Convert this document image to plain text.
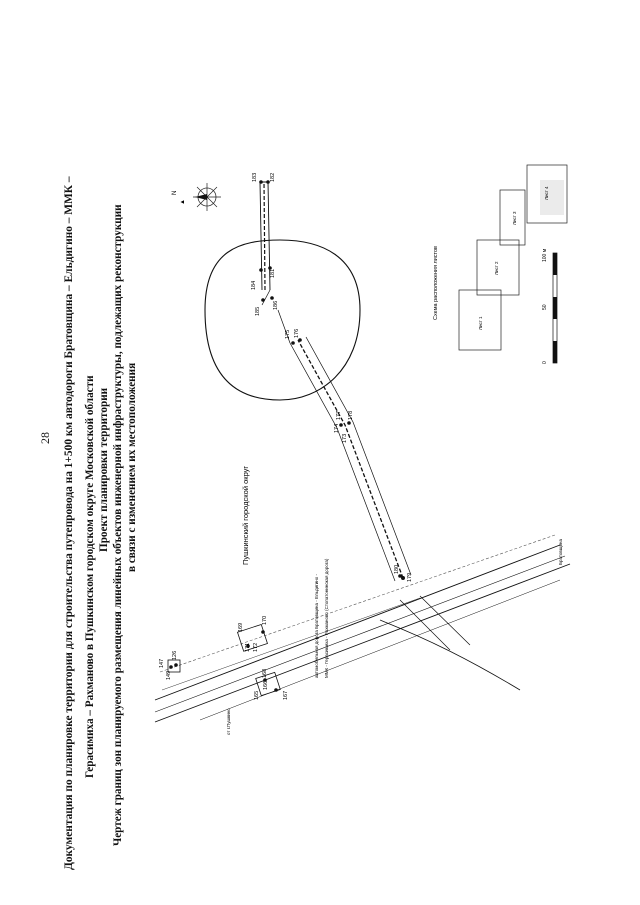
28 Документация по планировке территории для строительства путепровода на 1+500 км автодороги Братовщина – Ельдигино – ММК – Герасимиха – Рахманово в Пушкинском городском округе Московской области Проект планировки территории Чертеж границ зон планируемого размещения линейных объектов инженерной инфраструктуры, подлежащих реконструкции в связи с изменением их местоположения
N
▲
179
180
174
173
177 178
175 176
185
186
184
181
183 182
169
170
171 172
165	167
168
126
147
149
166
Пушкинский городской округ
автомобильная дорога Братовщина - Ельдигино - ММК - Герасимиха - Рахманово (Стопатонинская дорога)
Братовщина
от г.Пушкино
Схема расположения листов
Лист 1
Лист 2
Лист 3
Лист 4
0
50
100 м
